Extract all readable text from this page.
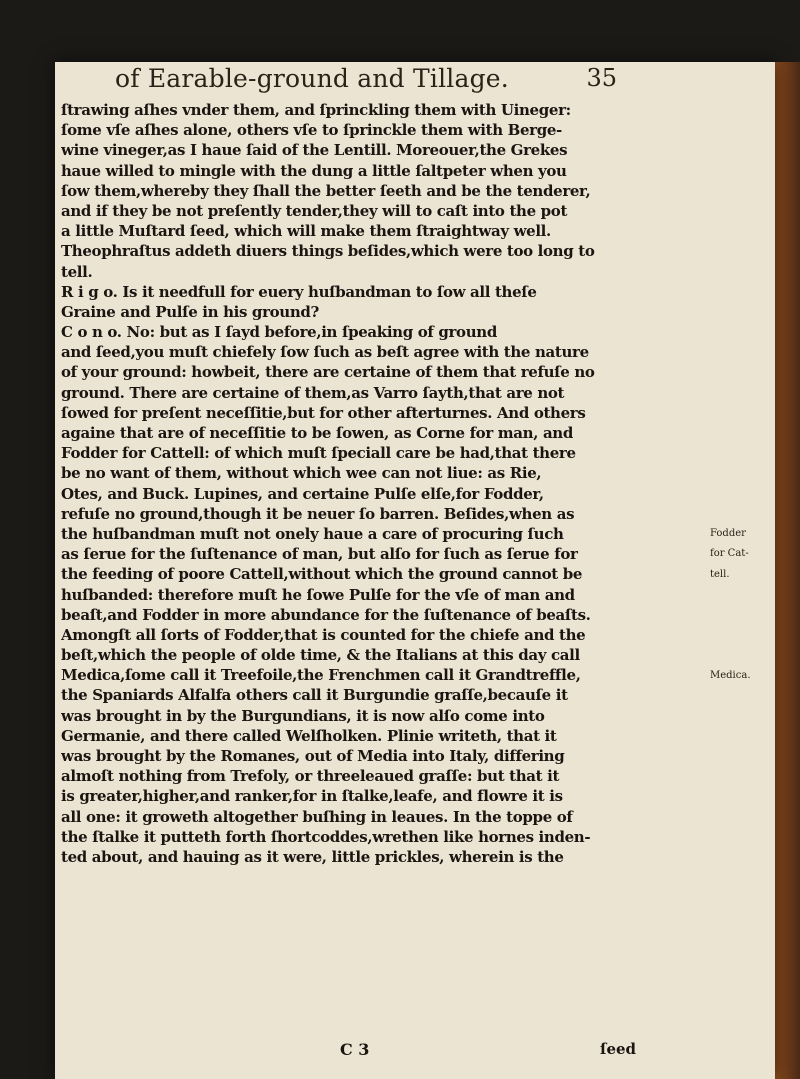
of Earable-ground and Tillage.	35
ſtrawing aſhes vnder them, and ſprinckling them with Uineger:
ſome vſe aſhes alone, others vſe to ſprinckle them with Berge-
wine vineger,as I haue ſaid of the Lentill. Moreouer,the Grekes
haue willed to mingle with the dung a little ſaltpeter when you
ſow them,whereby they ſhall the better ſeeth and be the tenderer,
and if they be not preſently tender,they will to caſt into the pot
a little Muſtard ſeed, which will make them ſtraightway well.
Theophraſtus addeth diuers things beſides,which were too long to
tell.
R i g o. Is it needfull for euery huſbandman to ſow all theſe
Graine and Pulſe in his ground?
C o n o. No: but as I ſayd before,in ſpeaking of ground
and ſeed,you muſt chiefely ſow ſuch as beſt agree with the nature
of your ground: howbeit, there are certaine of them that refuſe no
ground. There are certaine of them,as Varro ſayth,that are not
ſowed for preſent neceſſitie,but for other afterturnes. And others
againe that are of neceſſitie to be ſowen, as Corne for man, and
Fodder for Cattell: of which muſt ſpeciall care be had,that there
be no want of them, without which wee can not liue: as Rie,
Otes, and Buck. Lupines, and certaine Pulſe elſe,for Fodder,
refuſe no ground,though it be neuer ſo barren. Beſides,when as
the huſbandman muſt not onely haue a care of procuring ſuch
as ſerue for the ſuſtenance of man, but alſo for ſuch as ſerue for
the feeding of poore Cattell,without which the ground cannot be
huſbanded: therefore muſt he ſowe Pulſe for the vſe of man and
beaſt,and Fodder in more abundance for the ſuſtenance of beaſts.
Amongſt all ſorts of Fodder,that is counted for the chiefe and the
beſt,which the people of olde time, & the Italians at this day call
Medica,ſome call it Treefoile,the Frenchmen call it Grandtreffle,
the Spaniards Alfalfa others call it Burgundie graſſe,becauſe it
was brought in by the Burgundians, it is now alſo come into
Germanie, and there called Welſholken. Plinie writeth, that it
was brought by the Romanes, out of Media into Italy, differing
almoſt nothing from Trefoly, or threeleaued graſſe: but that it
is greater,higher,and ranker,for in ſtalke,leafe, and flowre it is
all one: it groweth altogether buſhing in leaues. In the toppe of
the ſtalke it putteth forth ſhortcoddes,wrethen like hornes inden-
ted about, and hauing as it were, little prickles, wherein is the
Fodder
for Cat-
tell.
Medica.
C 3	ſeed
